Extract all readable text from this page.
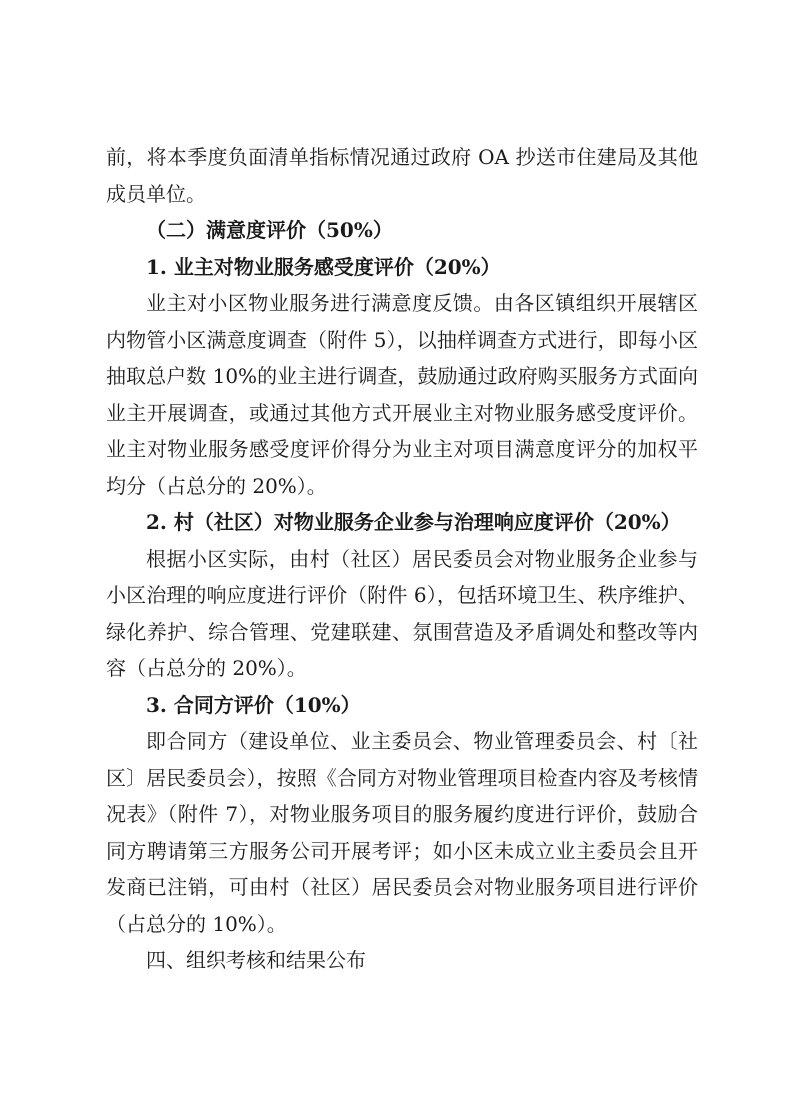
前，将本季度负面清单指标情况通过政府 OA 抄送市住建局及其他成员单位。

（二）满意度评价（50%）

1. 业主对物业服务感受度评价（20%）

业主对小区物业服务进行满意度反馈。由各区镇组织开展辖区内物管小区满意度调查（附件 5），以抽样调查方式进行，即每小区抽取总户数 10%的业主进行调查，鼓励通过政府购买服务方式面向业主开展调查，或通过其他方式开展业主对物业服务感受度评价。业主对物业服务感受度评价得分为业主对项目满意度评分的加权平均分（占总分的 20%）。

2. 村（社区）对物业服务企业参与治理响应度评价（20%）

根据小区实际，由村（社区）居民委员会对物业服务企业参与小区治理的响应度进行评价（附件 6），包括环境卫生、秩序维护、绿化养护、综合管理、党建联建、氛围营造及矛盾调处和整改等内容（占总分的 20%）。

3. 合同方评价（10%）

即合同方（建设单位、业主委员会、物业管理委员会、村〔社区〕居民委员会），按照《合同方对物业管理项目检查内容及考核情况表》（附件 7），对物业服务项目的服务履约度进行评价，鼓励合同方聘请第三方服务公司开展考评；如小区未成立业主委员会且开发商已注销，可由村（社区）居民委员会对物业服务项目进行评价（占总分的 10%）。

四、组织考核和结果公布
